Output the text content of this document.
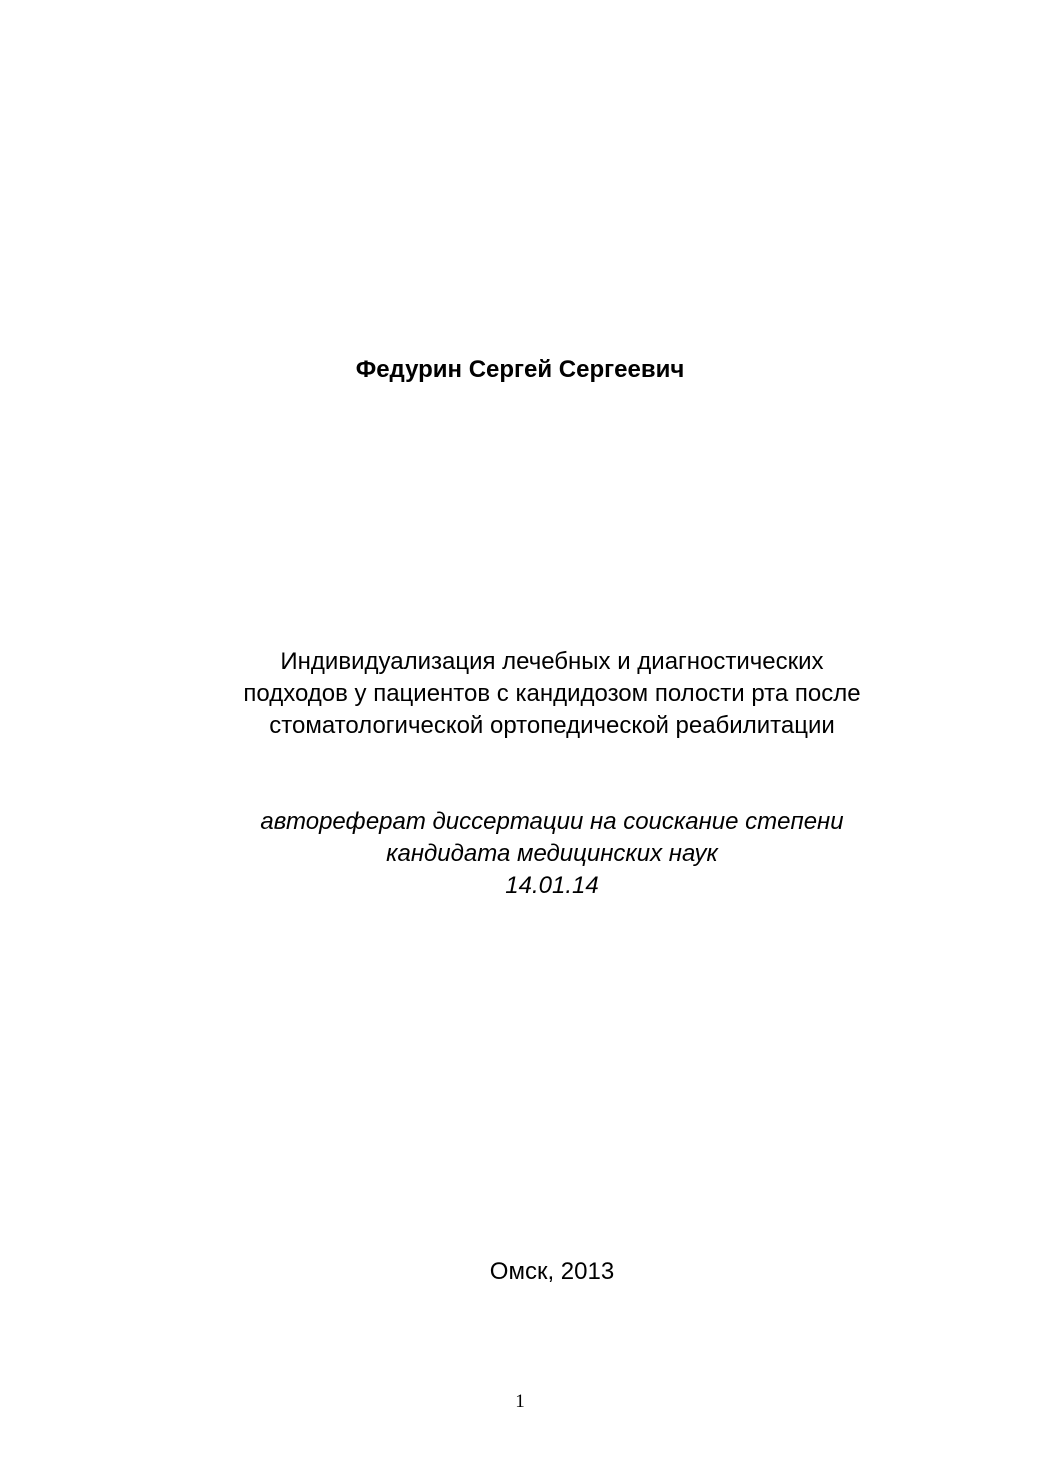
Федурин Сергей Сергеевич
Индивидуализация лечебных и диагностических
подходов у пациентов с кандидозом полости рта после
стоматологической ортопедической реабилитации
автореферат диссертации на соискание степени
кандидата медицинских наук
14.01.14
Омск, 2013
1
